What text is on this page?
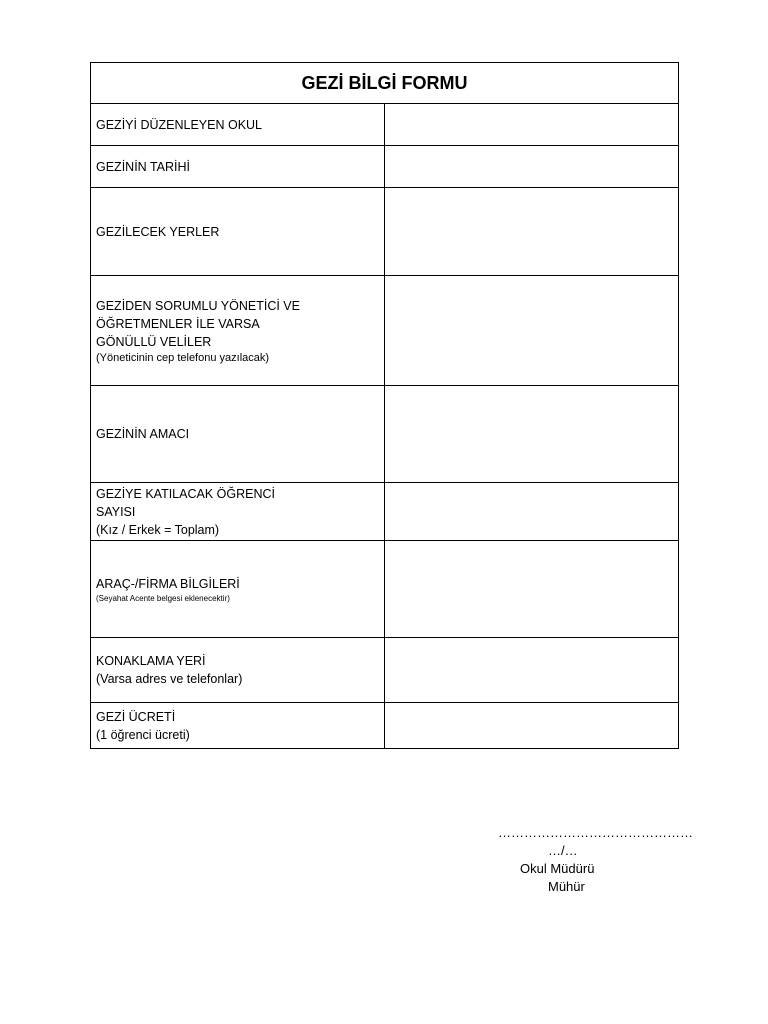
GEZİ BİLGİ FORMU	
GEZİYİ DÜZENLEYEN OKUL	
GEZİNİN TARİHİ	
GEZİLECEK YERLER	

GEZİDEN SORUMLU YÖNETİCİ VE
ÖĞRETMENLER İLE VARSA
GÖNÜLLÜ VELİLER
(Yöneticinin cep telefonu yazılacak)	

GEZİNİN AMACI	

GEZİYE KATILACAK ÖĞRENCİ
SAYISI
(Kız / Erkek = Toplam)	

ARAÇ-/FİRMA BİLGİLERİ
(Seyahat Acente belgesi eklenecektir)	

KONAKLAMA YERİ
(Varsa adres ve telefonlar)	

GEZİ ÜCRETİ
(1 öğrenci ücreti)	

………………………………………
…/…
Okul Müdürü
Mühür
